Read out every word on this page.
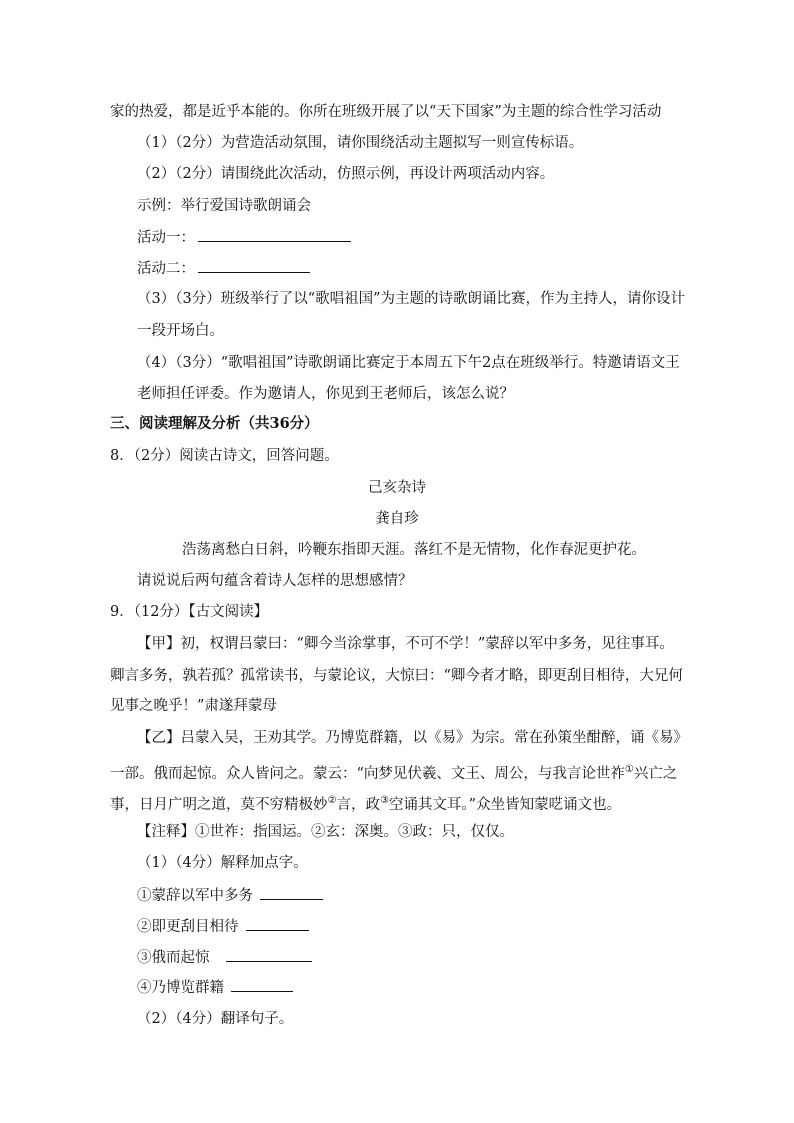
家的热爱，都是近乎本能的。你所在班级开展了以“天下国家”为主题的综合性学习活动
（1）（2分）为营造活动氛围，请你围绕活动主题拟写一则宣传标语。
（2）（2分）请围绕此次活动，仿照示例，再设计两项活动内容。
示例：举行爱国诗歌朗诵会
活动一：
活动二：
（3）（3分）班级举行了以“歌唱祖国”为主题的诗歌朗诵比赛，作为主持人，请你设计
一段开场白。
（4）（3分）“歌唱祖国”诗歌朗诵比赛定于本周五下午2点在班级举行。特邀请语文王
老师担任评委。作为邀请人，你见到王老师后，该怎么说？
三、阅读理解及分析（共36分）
8．（2分）阅读古诗文，回答问题。
己亥杂诗
龚自珍
浩荡离愁白日斜，吟鞭东指即天涯。落红不是无情物，化作春泥更护花。
请说说后两句蕴含着诗人怎样的思想感情？
9．（12分）【古文阅读】
【甲】初，权谓吕蒙曰：“卿今当涂掌事，不可不学！”蒙辞以军中多务，见往事耳。
卿言多务，孰若孤？孤常读书，与蒙论议，大惊曰：“卿今者才略，即更刮目相待，大兄何
见事之晚乎！”肃遂拜蒙母
【乙】吕蒙入吴，王劝其学。乃博览群籍，以《易》为宗。常在孙策坐酣醉，诵《易》
一部。俄而起惊。众人皆问之。蒙云：“向梦见伏羲、文王、周公，与我言论世祚①兴亡之
事，日月广明之道，莫不穷精极妙②言，政③空诵其文耳。”众坐皆知蒙呓诵文也。
【注释】①世祚：指国运。②玄：深奥。③政：只，仅仅。
（1）（4分）解释加点字。
①蒙辞以军中多务
②即更刮目相待
③俄而起惊
④乃博览群籍
（2）（4分）翻译句子。
